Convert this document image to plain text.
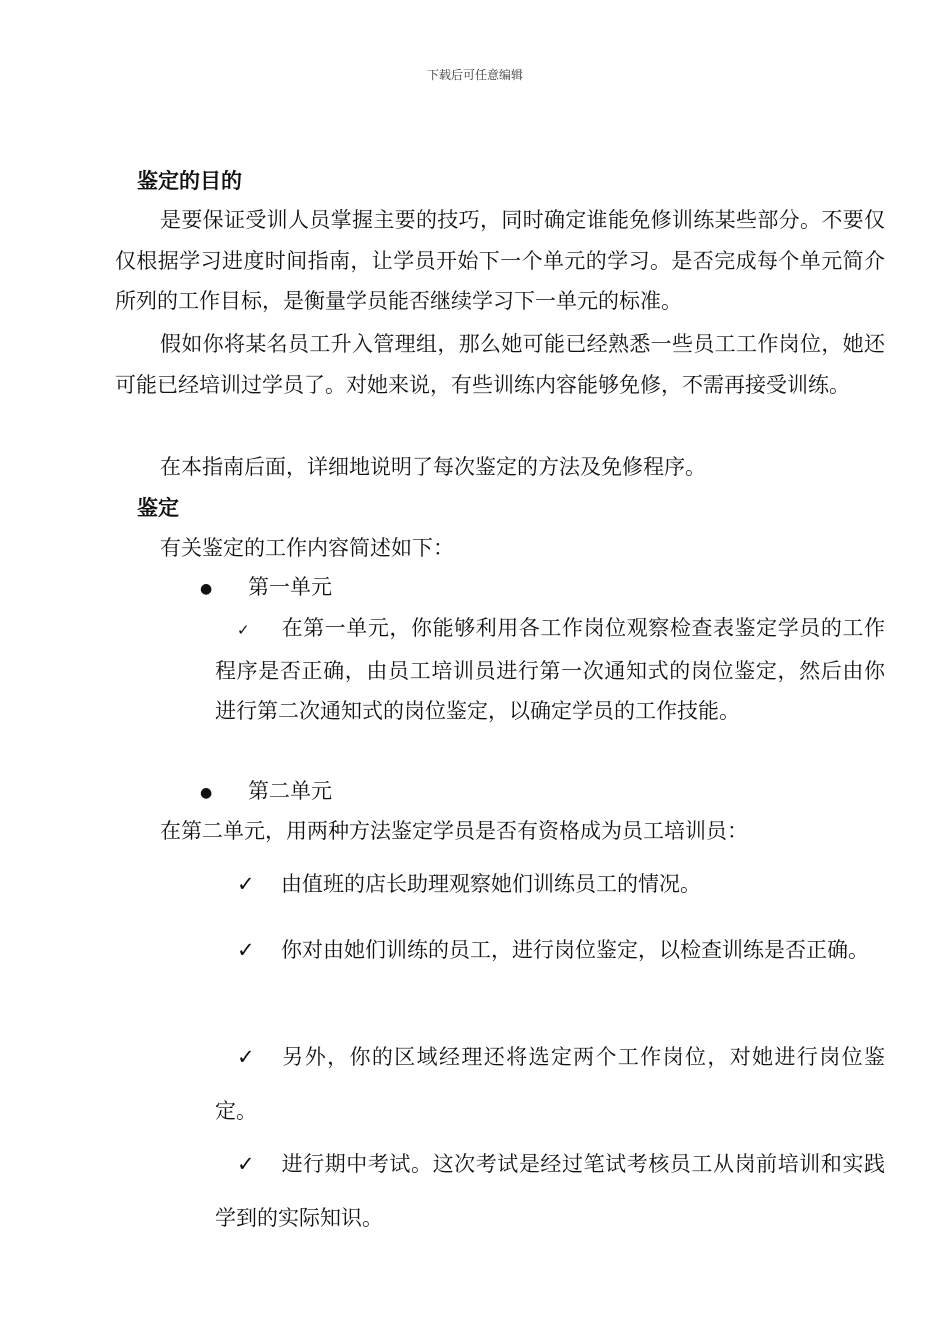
下载后可任意编辑
鉴定的目的
是要保证受训人员掌握主要的技巧，同时确定谁能免修训练某些部分。不要仅仅根据学习进度时间指南，让学员开始下一个单元的学习。是否完成每个单元简介所列的工作目标，是衡量学员能否继续学习下一单元的标准。
假如你将某名员工升入管理组，那么她可能已经熟悉一些员工工作岗位，她还可能已经培训过学员了。对她来说，有些训练内容能够免修，不需再接受训练。
在本指南后面，详细地说明了每次鉴定的方法及免修程序。
鉴定
有关鉴定的工作内容简述如下：
● 第一单元
✓ 在第一单元，你能够利用各工作岗位观察检查表鉴定学员的工作程序是否正确，由员工培训员进行第一次通知式的岗位鉴定，然后由你进行第二次通知式的岗位鉴定，以确定学员的工作技能。
● 第二单元
在第二单元，用两种方法鉴定学员是否有资格成为员工培训员：
✓ 由值班的店长助理观察她们训练员工的情况。
✓ 你对由她们训练的员工，进行岗位鉴定，以检查训练是否正确。
✓ 另外，你的区域经理还将选定两个工作岗位，对她进行岗位鉴定。
✓ 进行期中考试。这次考试是经过笔试考核员工从岗前培训和实践学到的实际知识。
